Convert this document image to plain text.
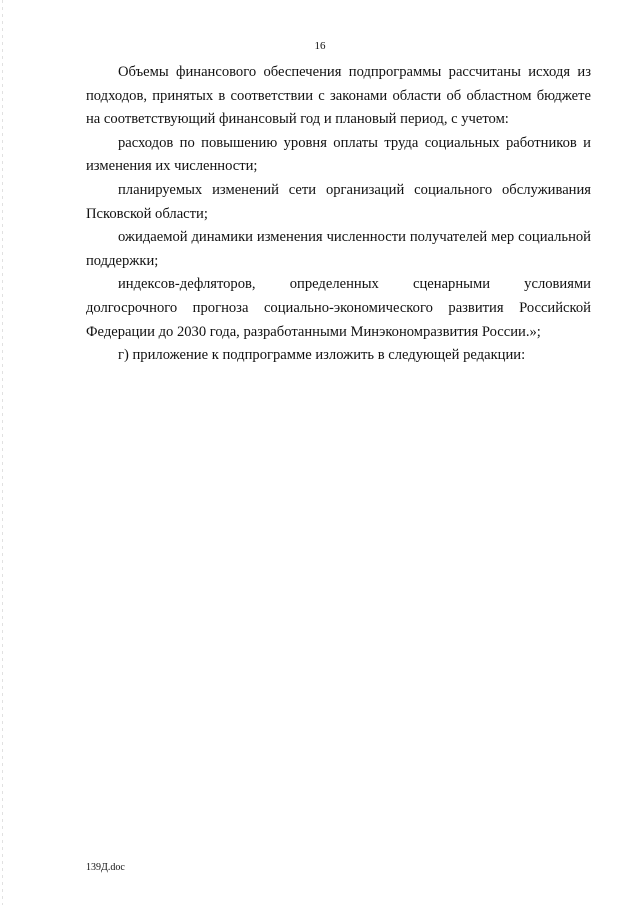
16

Объемы финансового обеспечения подпрограммы рассчитаны исходя из подходов, принятых в соответствии с законами области об областном бюджете на соответствующий финансовый год и плановый период, с учетом:

расходов по повышению уровня оплаты труда социальных работников и изменения их численности;

планируемых изменений сети организаций социального обслуживания Псковской области;

ожидаемой динамики изменения численности получателей мер социальной поддержки;

индексов-дефляторов, определенных сценарными условиями долгосрочного прогноза социально-экономического развития Российской Федерации до 2030 года, разработанными Минэкономразвития России.»;

г) приложение к подпрограмме изложить в следующей редакции:

139Д.doc
